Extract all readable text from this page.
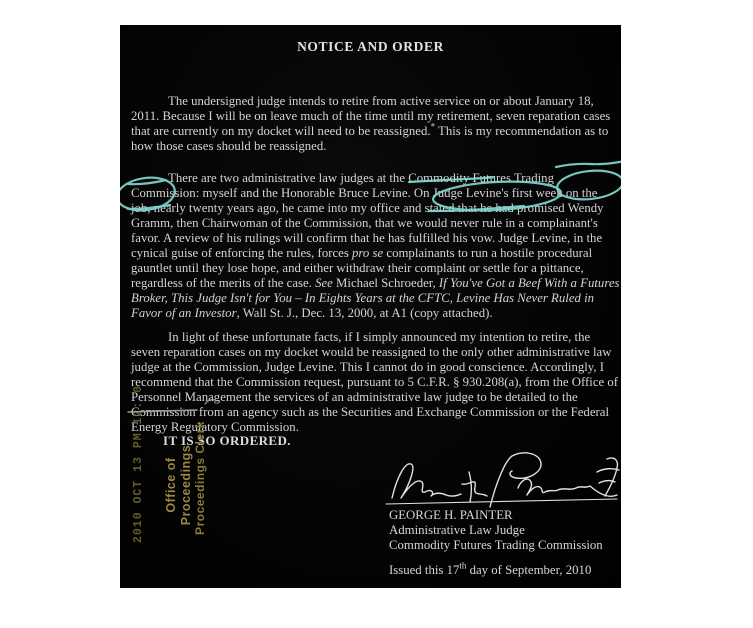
NOTICE AND ORDER

The undersigned judge intends to retire from active service on or about January 18, 2011. Because I will be on leave much of the time until my retirement, seven reparation cases that are currently on my docket will need to be reassigned.* This is my recommendation as to how those cases should be reassigned.

There are two administrative law judges at the Commodity Futures Trading Commission: myself and the Honorable Bruce Levine. On Judge Levine's first week on the job, nearly twenty years ago, he came into my office and stated that he had promised Wendy Gramm, then Chairwoman of the Commission, that we would never rule in a complainant's favor. A review of his rulings will confirm that he has fulfilled his vow. Judge Levine, in the cynical guise of enforcing the rules, forces pro se complainants to run a hostile procedural gauntlet until they lose hope, and either withdraw their complaint or settle for a pittance, regardless of the merits of the case. See Michael Schroeder, If You've Got a Beef With a Futures Broker, This Judge Isn't for You – In Eights Years at the CFTC, Levine Has Never Ruled in Favor of an Investor, Wall St. J., Dec. 13, 2000, at A1 (copy attached).

In light of these unfortunate facts, if I simply announced my intention to retire, the seven reparation cases on my docket would be reassigned to the only other administrative law judge at the Commission, Judge Levine. This I cannot do in good conscience. Accordingly, I recommend that the Commission request, pursuant to 5 C.F.R. § 930.208(a), from the Office of Personnel Management the services of an administrative law judge to be detailed to the Commission from an agency such as the Securities and Exchange Commission or the Federal Energy Regulatory Commission.

IT IS SO ORDERED.
2010 OCT 13 PM 12: 0 Office of Proceedings Proceedings Clerk	GEORGE H. PAINTER
Administrative Law Judge
Commodity Futures Trading Commission
Issued this 17th day of September, 2010
